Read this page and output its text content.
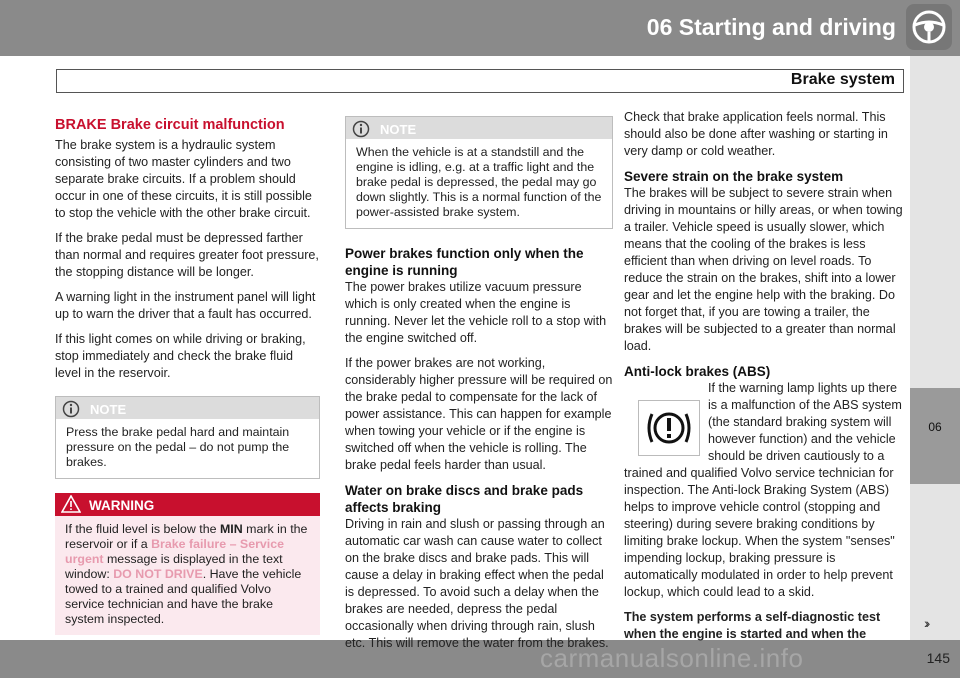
06 Starting and driving
Brake system
06
››
carmanualsonline.info	145
BRAKE Brake circuit malfunction

The brake system is a hydraulic system consisting of two master cylinders and two separate brake circuits. If a problem should occur in one of these circuits, it is still possible to stop the vehicle with the other brake circuit.

If the brake pedal must be depressed farther than normal and requires greater foot pressure, the stopping distance will be longer.

A warning light in the instrument panel will light up to warn the driver that a fault has occurred.

If this light comes on while driving or braking, stop immediately and check the brake fluid level in the reservoir.

NOTE
Press the brake pedal hard and maintain pressure on the pedal – do not pump the brakes.
WARNING
If the fluid level is below the MIN mark in the reservoir or if a Brake failure – Service urgent message is displayed in the text window: DO NOT DRIVE. Have the vehicle towed to a trained and qualified Volvo service technician and have the brake system inspected.
NOTE
When the vehicle is at a standstill and the engine is idling, e.g. at a traffic light and the brake pedal is depressed, the pedal may go down slightly. This is a normal function of the power-assisted brake system.
Power brakes function only when the engine is running

The power brakes utilize vacuum pressure which is only created when the engine is running. Never let the vehicle roll to a stop with the engine switched off.

If the power brakes are not working, considerably higher pressure will be required on the brake pedal to compensate for the lack of power assistance. This can happen for example when towing your vehicle or if the engine is switched off when the vehicle is rolling. The brake pedal feels harder than usual.

Water on brake discs and brake pads affects braking

Driving in rain and slush or passing through an automatic car wash can cause water to collect on the brake discs and brake pads. This will cause a delay in braking effect when the pedal is depressed. To avoid such a delay when the brakes are needed, depress the pedal occasionally when driving through rain, slush etc. This will remove the water from the brakes.

Check that brake application feels normal. This should also be done after washing or starting in very damp or cold weather.

Severe strain on the brake system

The brakes will be subject to severe strain when driving in mountains or hilly areas, or when towing a trailer. Vehicle speed is usually slower, which means that the cooling of the brakes is less efficient than when driving on level roads. To reduce the strain on the brakes, shift into a lower gear and let the engine help with the braking. Do not forget that, if you are towing a trailer, the brakes will be subjected to a greater than normal load.

Anti-lock brakes (ABS)

If the warning lamp lights up there is a malfunction of the ABS system (the standard braking system will however function) and the vehicle should be driven cautiously to a trained and qualified Volvo service technician for inspection. The Anti-lock Braking System (ABS) helps to improve vehicle control (stopping and steering) during severe braking conditions by limiting brake lockup. When the system "senses" impending lockup, braking pressure is automatically modulated in order to help prevent lockup, which could lead to a skid.

The system performs a self-diagnostic test when the engine is started and when the
